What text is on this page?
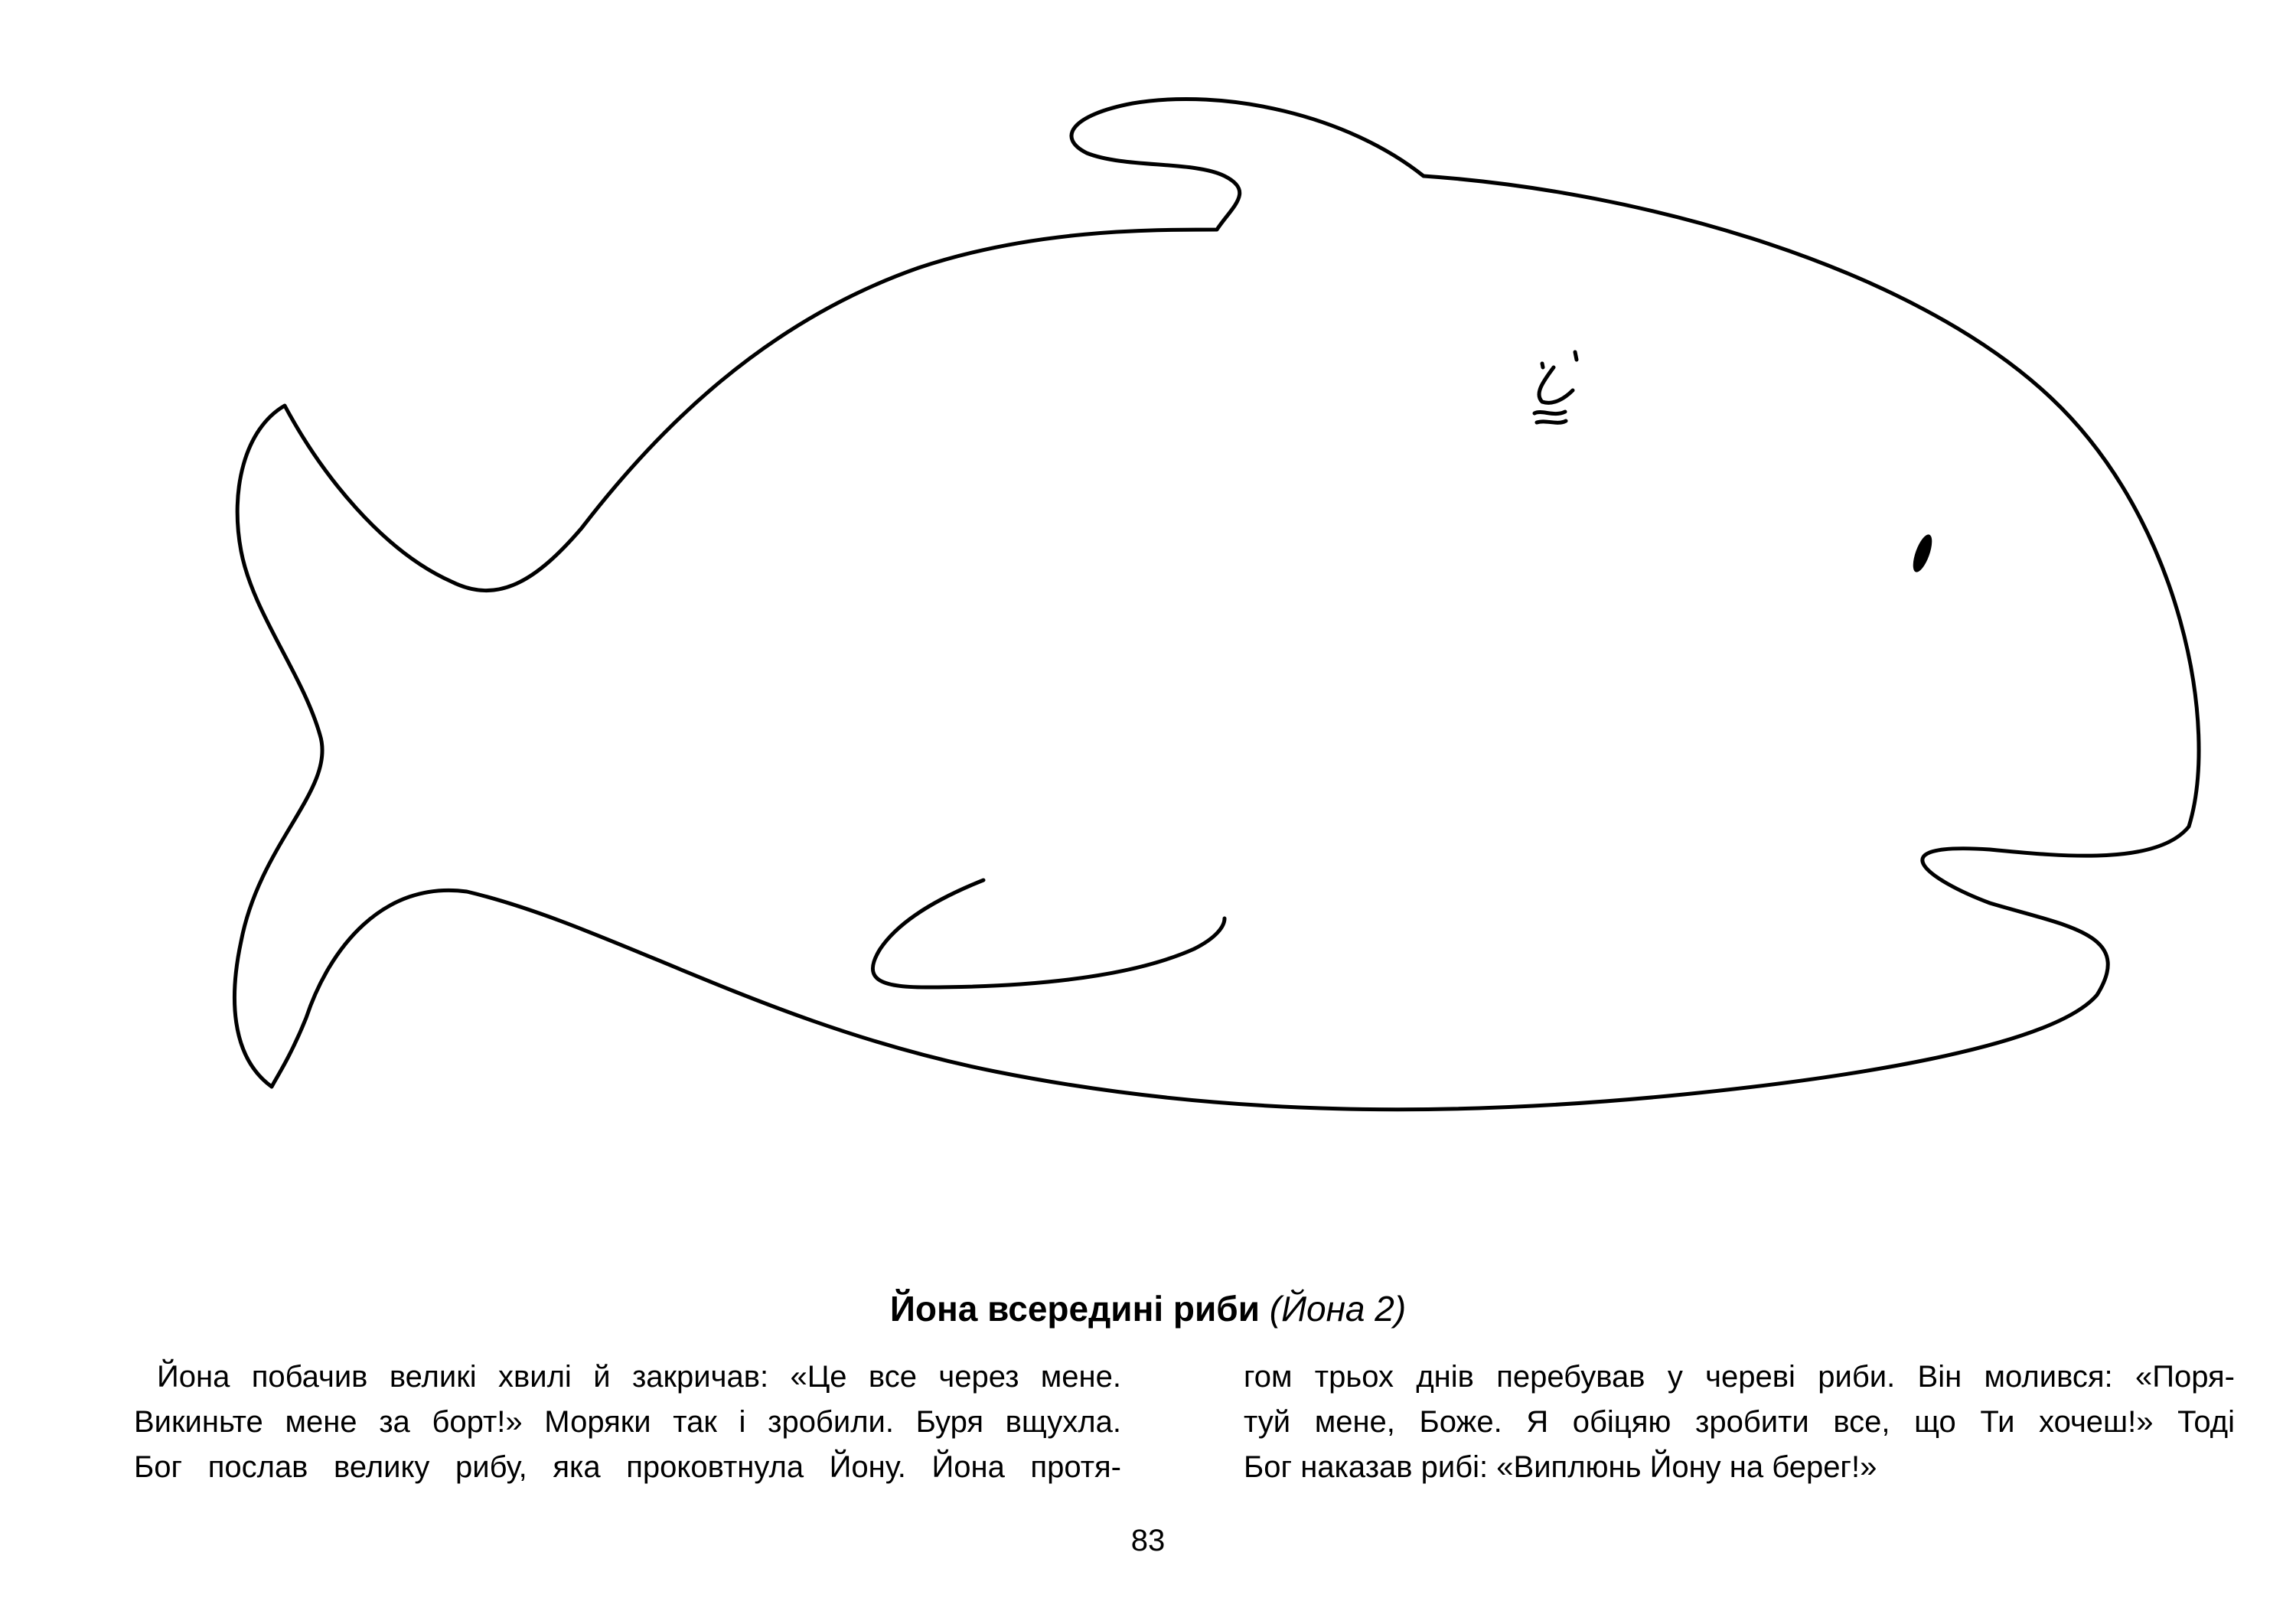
Йона всередині риби (Йона 2)
Йона побачив великі хвилі й закричав: «Це все через мене.
Викиньте мене за борт!» Моряки так і зробили. Буря вщухла.
Бог послав велику рибу, яка проковтнула Йону. Йона протя-
гом трьох днів перебував у череві риби. Він молився: «Поря-
туй мене, Боже. Я обіцяю зробити все, що Ти хочеш!» Тоді
Бог наказав рибі: «Виплюнь Йону на берег!»
83
